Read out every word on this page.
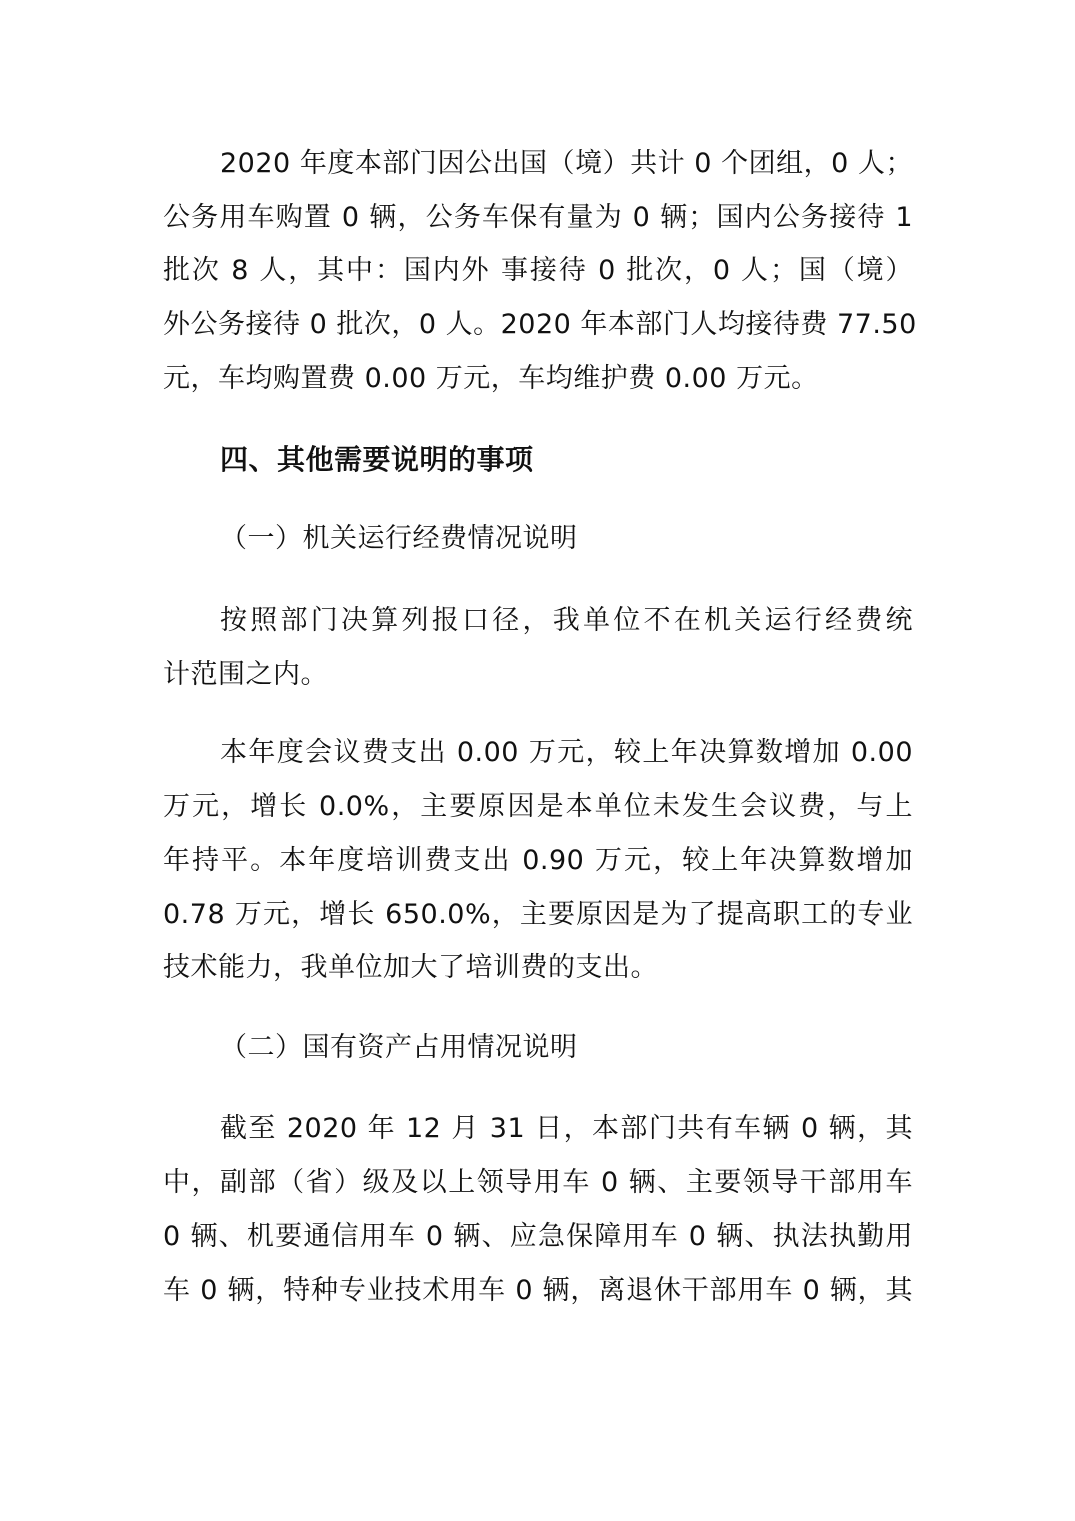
2020 年度本部门因公出国（境）共计 0 个团组，0 人；
公务用车购置 0 辆，公务车保有量为 0 辆；国内公务接待 1
批次 8 人，其中：国内外 事接待 0 批次，0 人；国（境）
外公务接待 0 批次，0 人。2020 年本部门人均接待费 77.50
元，车均购置费 0.00 万元，车均维护费 0.00 万元。
四、其他需要说明的事项
（一）机关运行经费情况说明
按照部门决算列报口径，我单位不在机关运行经费统
计范围之内。
本年度会议费支出 0.00 万元，较上年决算数增加 0.00
万元，增长 0.0%，主要原因是本单位未发生会议费，与上
年持平。本年度培训费支出 0.90 万元，较上年决算数增加
0.78 万元，增长 650.0%，主要原因是为了提高职工的专业
技术能力，我单位加大了培训费的支出。
（二）国有资产占用情况说明
截至 2020 年 12 月 31 日，本部门共有车辆 0 辆，其
中，副部（省）级及以上领导用车 0 辆、主要领导干部用车
0 辆、机要通信用车 0 辆、应急保障用车 0 辆、执法执勤用
车 0 辆，特种专业技术用车 0 辆，离退休干部用车 0 辆，其
